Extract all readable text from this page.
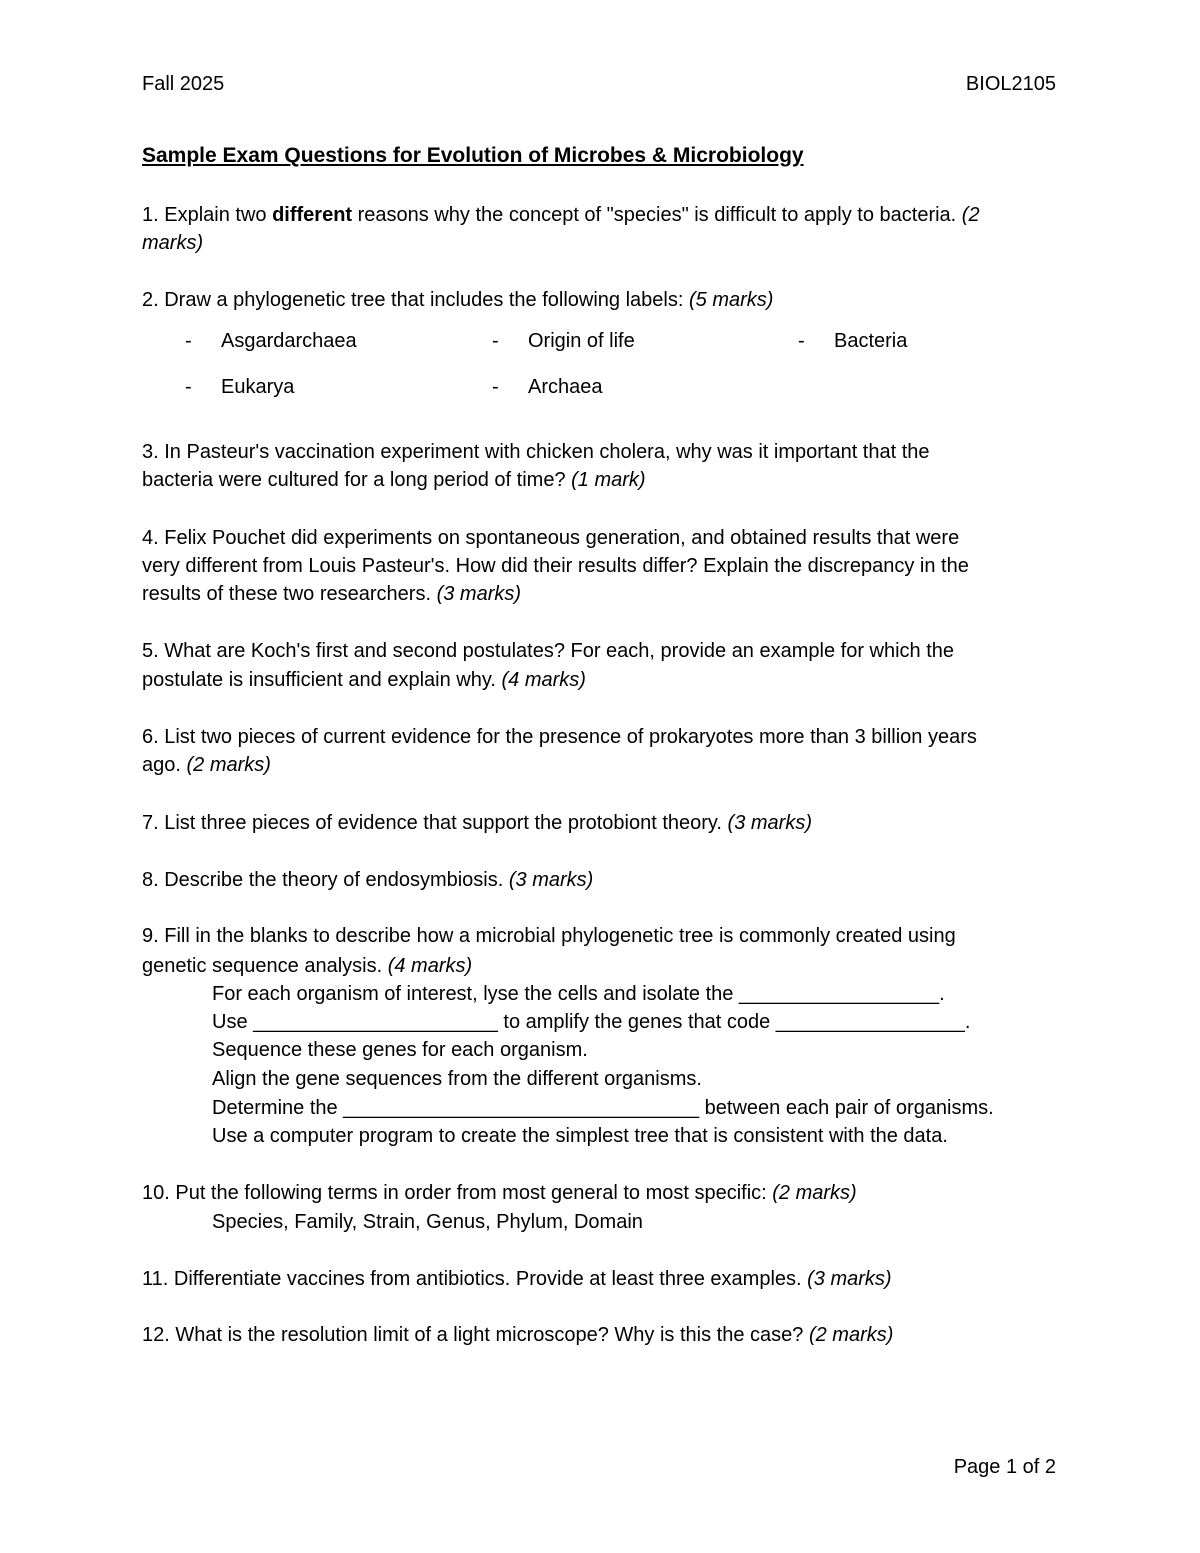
Fall 2025	BIOL2105
Sample Exam Questions for Evolution of Microbes & Microbiology
1. Explain two different reasons why the concept of "species" is difficult to apply to bacteria. (2
marks)
2. Draw a phylogenetic tree that includes the following labels: (5 marks)
- Asgardarchaea	- Origin of life	- Bacteria
- Eukarya	- Archaea
3. In Pasteur's vaccination experiment with chicken cholera, why was it important that the
bacteria were cultured for a long period of time? (1 mark)
4. Felix Pouchet did experiments on spontaneous generation, and obtained results that were
very different from Louis Pasteur's. How did their results differ? Explain the discrepancy in the
results of these two researchers. (3 marks)
5. What are Koch's first and second postulates? For each, provide an example for which the
postulate is insufficient and explain why. (4 marks)
6. List two pieces of current evidence for the presence of prokaryotes more than 3 billion years
ago. (2 marks)
7. List three pieces of evidence that support the protobiont theory. (3 marks)
8. Describe the theory of endosymbiosis. (3 marks)
9. Fill in the blanks to describe how a microbial phylogenetic tree is commonly created using
genetic sequence analysis. (4 marks)
For each organism of interest, lyse the cells and isolate the __________________.
Use ______________________ to amplify the genes that code _________________.
Sequence these genes for each organism.
Align the gene sequences from the different organisms.
Determine the ________________________________ between each pair of organisms.
Use a computer program to create the simplest tree that is consistent with the data.
10. Put the following terms in order from most general to most specific: (2 marks)
Species, Family, Strain, Genus, Phylum, Domain
11. Differentiate vaccines from antibiotics. Provide at least three examples. (3 marks)
12. What is the resolution limit of a light microscope? Why is this the case? (2 marks)
Page 1 of 2
